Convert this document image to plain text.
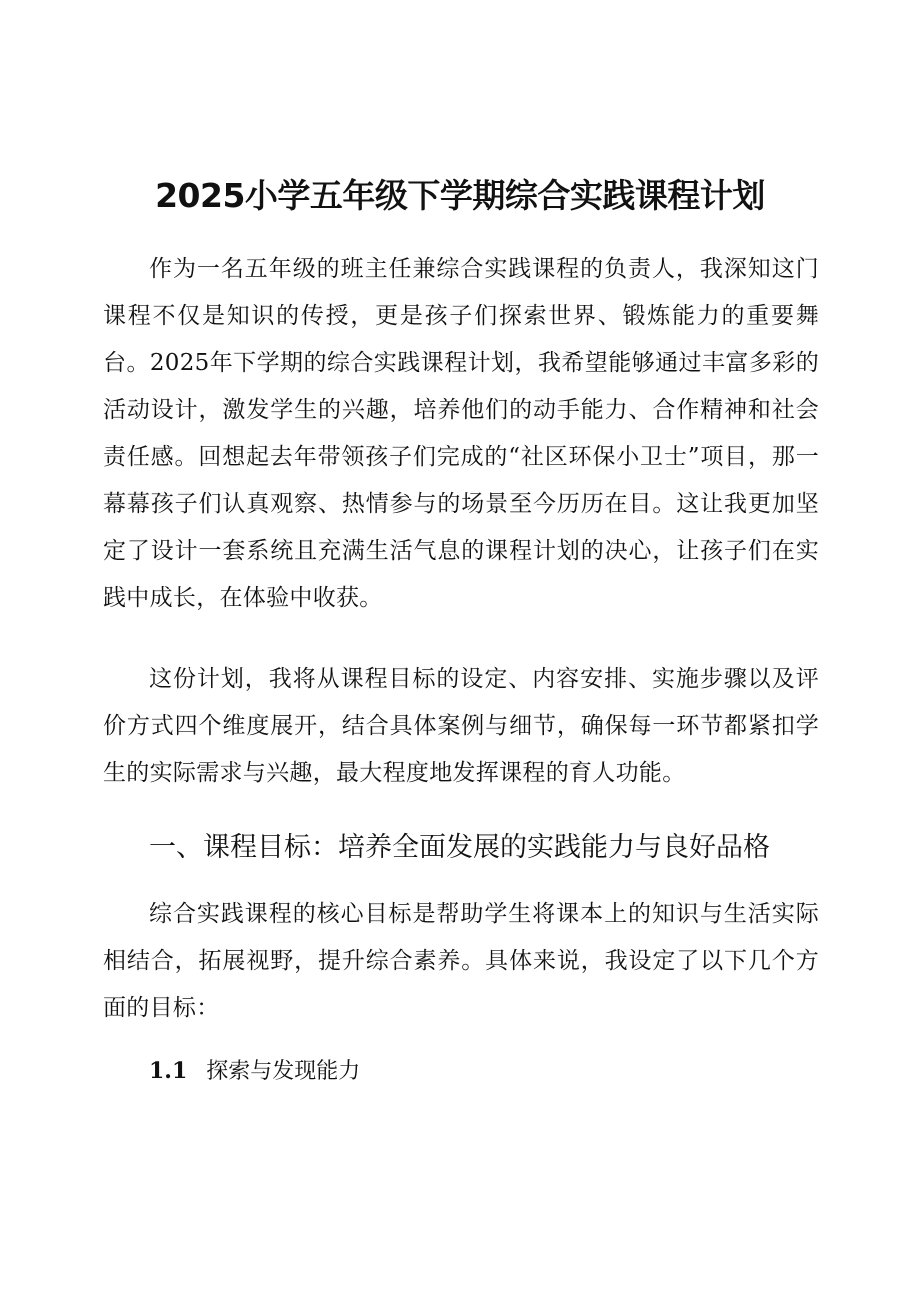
2025小学五年级下学期综合实践课程计划

作为一名五年级的班主任兼综合实践课程的负责人，我深知这门课程不仅是知识的传授，更是孩子们探索世界、锻炼能力的重要舞台。2025年下学期的综合实践课程计划，我希望能够通过丰富多彩的活动设计，激发学生的兴趣，培养他们的动手能力、合作精神和社会责任感。回想起去年带领孩子们完成的“社区环保小卫士”项目，那一幕幕孩子们认真观察、热情参与的场景至今历历在目。这让我更加坚定了设计一套系统且充满生活气息的课程计划的决心，让孩子们在实践中成长，在体验中收获。

这份计划，我将从课程目标的设定、内容安排、实施步骤以及评价方式四个维度展开，结合具体案例与细节，确保每一环节都紧扣学生的实际需求与兴趣，最大程度地发挥课程的育人功能。

一、课程目标：培养全面发展的实践能力与良好品格

综合实践课程的核心目标是帮助学生将课本上的知识与生活实际相结合，拓展视野，提升综合素养。具体来说，我设定了以下几个方面的目标：

1.1 探索与发现能力
